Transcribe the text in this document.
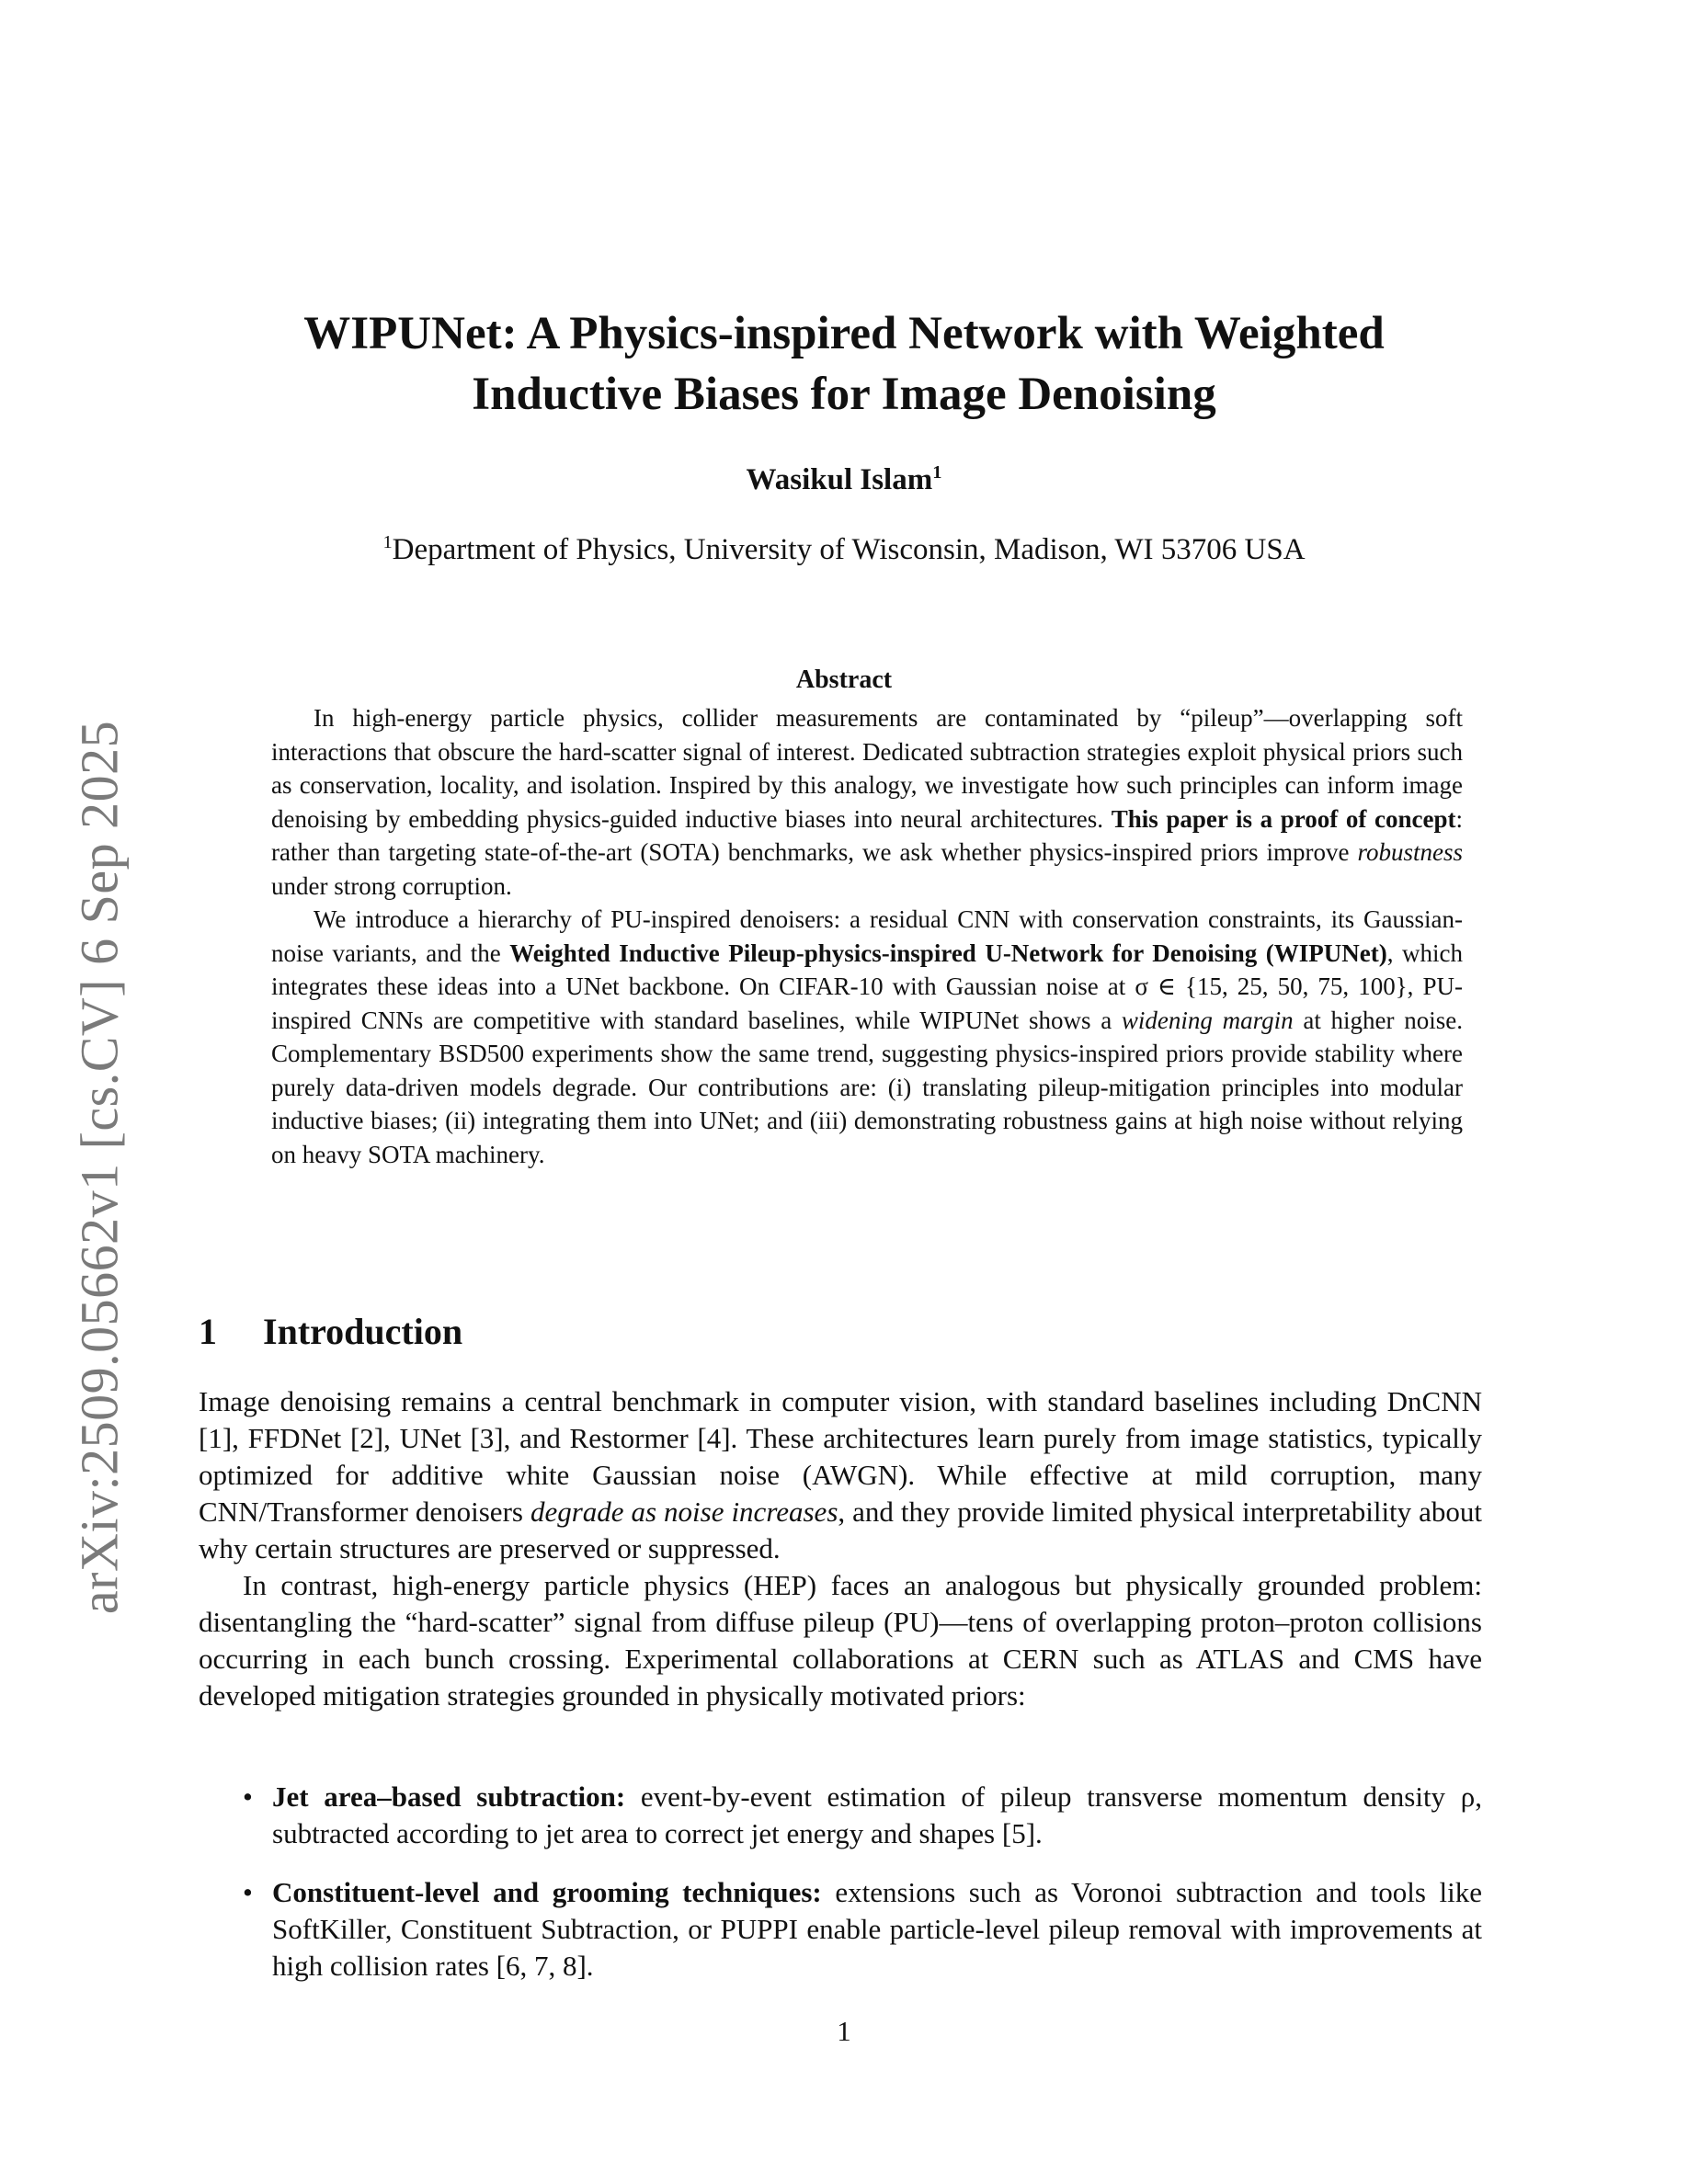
arXiv:2509.05662v1 [cs.CV] 6 Sep 2025
WIPUNet: A Physics-inspired Network with Weighted
Inductive Biases for Image Denoising
Wasikul Islam$^1$
$^1$Department of Physics, University of Wisconsin, Madison, WI 53706 USA
Abstract

In high-energy particle physics, collider measurements are contaminated by “pileup”—overlapping soft interactions that obscure the hard-scatter signal of interest. Dedicated subtraction strategies exploit physical priors such as conservation, locality, and isolation. Inspired by this analogy, we investigate how such principles can inform image denoising by embedding physics-guided inductive biases into neural architectures. This paper is a proof of concept: rather than targeting state-of-the-art (SOTA) benchmarks, we ask whether physics-inspired priors improve robustness under strong corruption.

We introduce a hierarchy of PU-inspired denoisers: a residual CNN with conservation constraints, its Gaussian-noise variants, and the Weighted Inductive Pileup-physics-inspired U-Network for Denoising (WIPUNet), which integrates these ideas into a UNet backbone. On CIFAR-10 with Gaussian noise at σ ∈ {15, 25, 50, 75, 100}, PU-inspired CNNs are competitive with standard baselines, while WIPUNet shows a widening margin at higher noise. Complementary BSD500 experiments show the same trend, suggesting physics-inspired priors provide stability where purely data-driven models degrade. Our contributions are: (i) translating pileup-mitigation principles into modular inductive biases; (ii) integrating them into UNet; and (iii) demonstrating robustness gains at high noise without relying on heavy SOTA machinery.

1 Introduction

Image denoising remains a central benchmark in computer vision, with standard baselines including DnCNN [1], FFDNet [2], UNet [3], and Restormer [4]. These architectures learn purely from image statistics, typically optimized for additive white Gaussian noise (AWGN). While effective at mild corruption, many CNN/Transformer denoisers degrade as noise increases, and they provide limited physical interpretability about why certain structures are preserved or suppressed.

In contrast, high-energy particle physics (HEP) faces an analogous but physically grounded problem: disentangling the “hard-scatter” signal from diffuse pileup (PU)—tens of overlapping proton–proton collisions occurring in each bunch crossing. Experimental collaborations at CERN such as ATLAS and CMS have developed mitigation strategies grounded in physically motivated priors:

• Jet area–based subtraction: event-by-event estimation of pileup transverse momentum density ρ, subtracted according to jet area to correct jet energy and shapes [5].
• Constituent-level and grooming techniques: extensions such as Voronoi subtraction and tools like SoftKiller, Constituent Subtraction, or PUPPI enable particle-level pileup removal with improvements at high collision rates [6, 7, 8].
1
